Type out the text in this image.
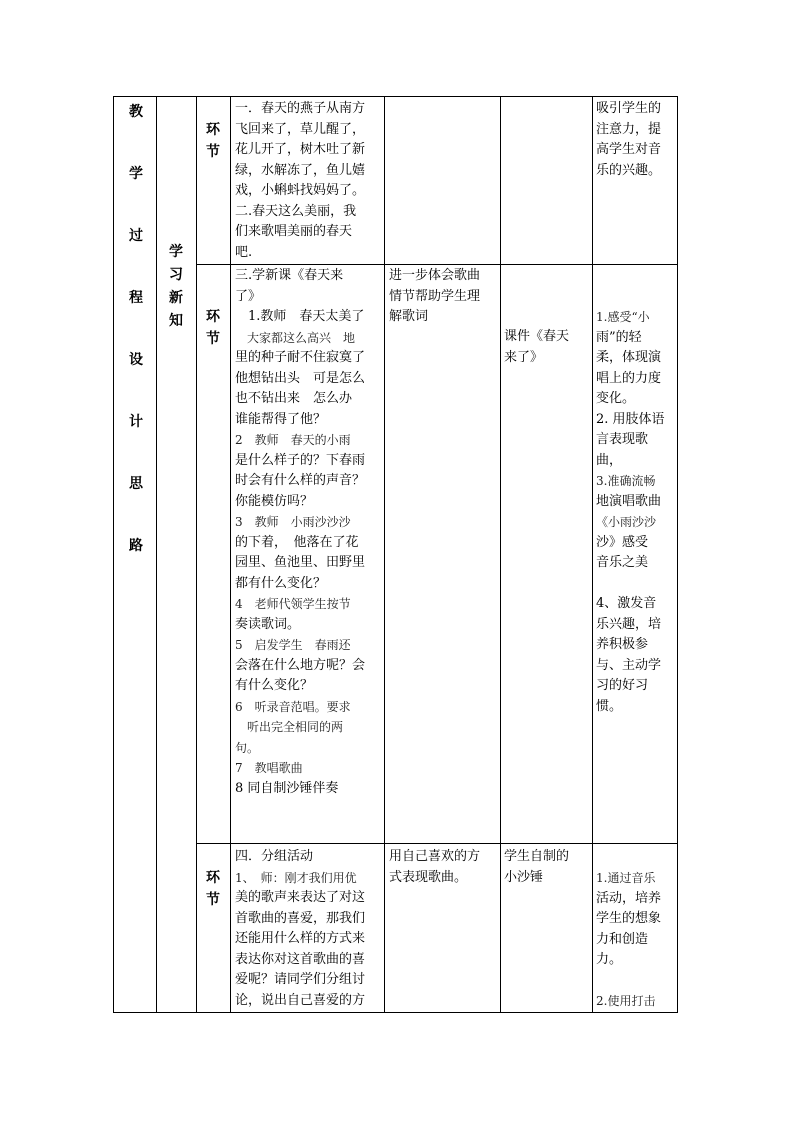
教
学
过
程
设
计
思
路
学
习
新
知
环
节
环
节
环
节

一．春天的燕子从南方

飞回来了，草儿醒了，

花儿开了，树木吐了新

绿，水解冻了，鱼儿嬉

戏，小蝌蚪找妈妈了。

二.春天这么美丽，我

们来歌唱美丽的春天

吧.

吸引学生的

注意力，提

高学生对音

乐的兴趣。

三.学新课《春天来

了》

　1.教师　春天太美了

　大家都这么高兴　地

里的种子耐不住寂寞了

他想钻出头　可是怎么

也不钻出来　怎么办

谁能帮得了他？

2　教师　春天的小雨

是什么样子的？下春雨

时会有什么样的声音？

你能模仿吗？

3　教师　小雨沙沙沙

的下着，　他落在了花

园里、鱼池里、田野里

都有什么变化？

4　老师代领学生按节

奏读歌词。

5　启发学生　春雨还

会落在什么地方呢？会

有什么变化？

6　听录音范唱。要求

　听出完全相同的两

句。

7　教唱歌曲

8 同自制沙锤伴奏

进一步体会歌曲

情节帮助学生理

解歌词

课件《春天

来了》

1.感受“小

雨”的轻

柔，体现演

唱上的力度

变化。

2. 用肢体语

言表现歌

曲，

3.准确流畅

地演唱歌曲

《小雨沙沙

沙》感受

音乐之美

4、激发音

乐兴趣，培

养积极参

与、主动学

习的好习

惯。

四．分组活动

1、　师：刚才我们用优

美的歌声来表达了对这

首歌曲的喜爱，那我们

还能用什么样的方式来

表达你对这首歌曲的喜

爱呢？请同学们分组讨

论，说出自己喜爱的方

用自己喜欢的方

式表现歌曲。

学生自制的

小沙锤	1.通过音乐

活动，培养

学生的想象

力和创造

力。

2.使用打击
